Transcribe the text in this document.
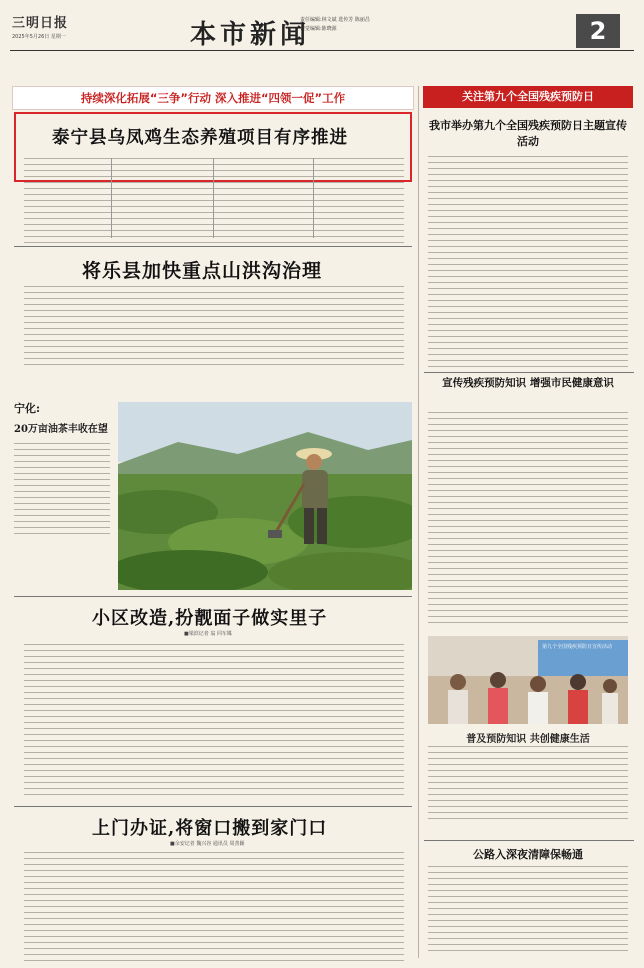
三明日报
2025年5月26日 星期一	本市新闻
责任编辑:林文斌 选传芳 陈丽昌
视觉编辑:陈晓源	2
持续深化拓展“三争”行动 深入推进“四领一促”工作	关注第九个全国残疾预防日
泰宁县乌凤鸡生态养殖项目有序推进
将乐县加快重点山洪沟治理
宁化:
20万亩油茶丰收在望
小区改造,扮靓面子做实里子
■梁滨记者 翁 同车媒
上门办证,将窗口搬到家门口
■余安记者 魏兴谷 通讯员 周善颖
我市举办第九个全国残疾预防日主题宣传活动
宣传残疾预防知识 增强市民健康意识
第九个全国残疾预防日宣传活动
普及预防知识 共创健康生活
公路入深夜清障保畅通
